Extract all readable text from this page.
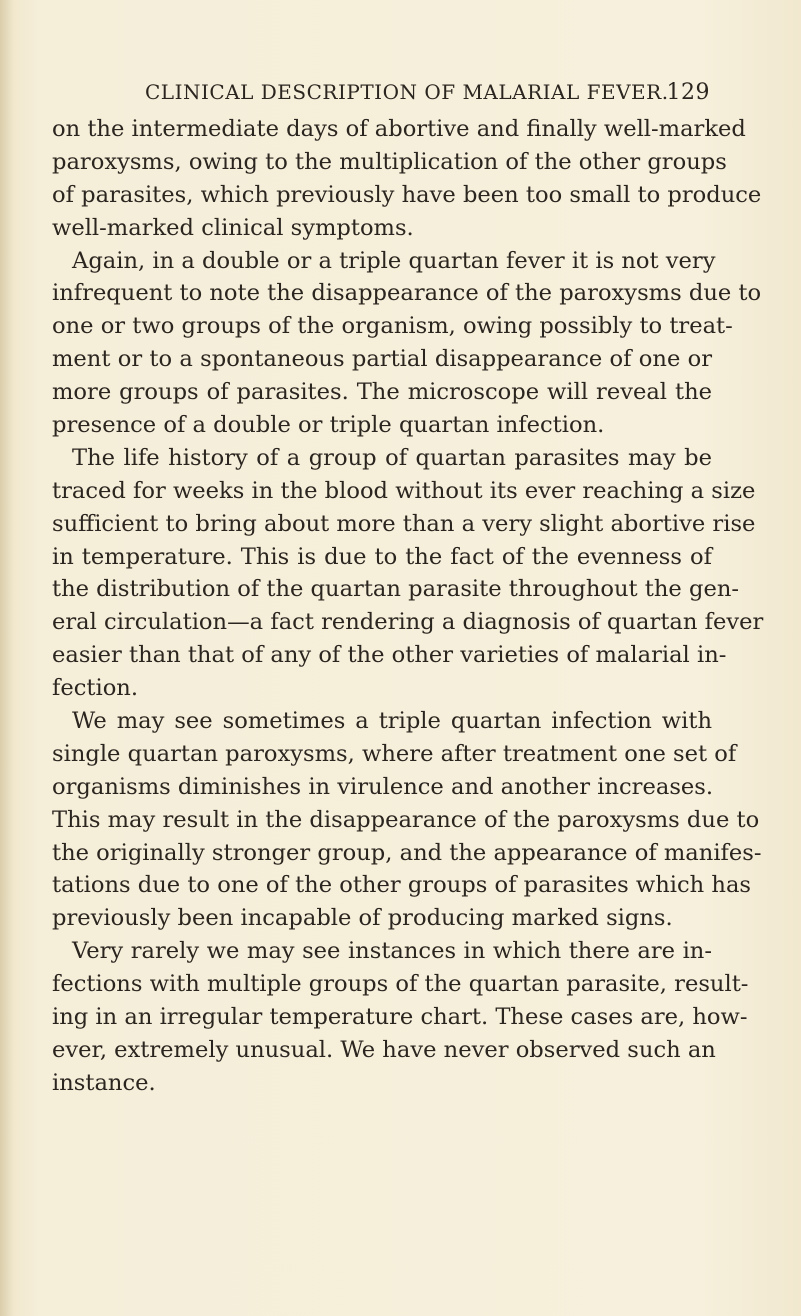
CLINICAL DESCRIPTION OF MALARIAL FEVER.
129
on the intermediate days of abortive and finally well-marked
paroxysms, owing to the multiplication of the other groups
of parasites, which previously have been too small to produce
well-marked clinical symptoms.
Again, in a double or a triple quartan fever it is not very
infrequent to note the disappearance of the paroxysms due to
one or two groups of the organism, owing possibly to treat-
ment or to a spontaneous partial disappearance of one or
more groups of parasites. The microscope will reveal the
presence of a double or triple quartan infection.
The life history of a group of quartan parasites may be
traced for weeks in the blood without its ever reaching a size
sufficient to bring about more than a very slight abortive rise
in temperature. This is due to the fact of the evenness of
the distribution of the quartan parasite throughout the gen-
eral circulation—a fact rendering a diagnosis of quartan fever
easier than that of any of the other varieties of malarial in-
fection.
We may see sometimes a triple quartan infection with
single quartan paroxysms, where after treatment one set of
organisms diminishes in virulence and another increases.
This may result in the disappearance of the paroxysms due to
the originally stronger group, and the appearance of manifes-
tations due to one of the other groups of parasites which has
previously been incapable of producing marked signs.
Very rarely we may see instances in which there are in-
fections with multiple groups of the quartan parasite, result-
ing in an irregular temperature chart. These cases are, how-
ever, extremely unusual. We have never observed such an
instance.
